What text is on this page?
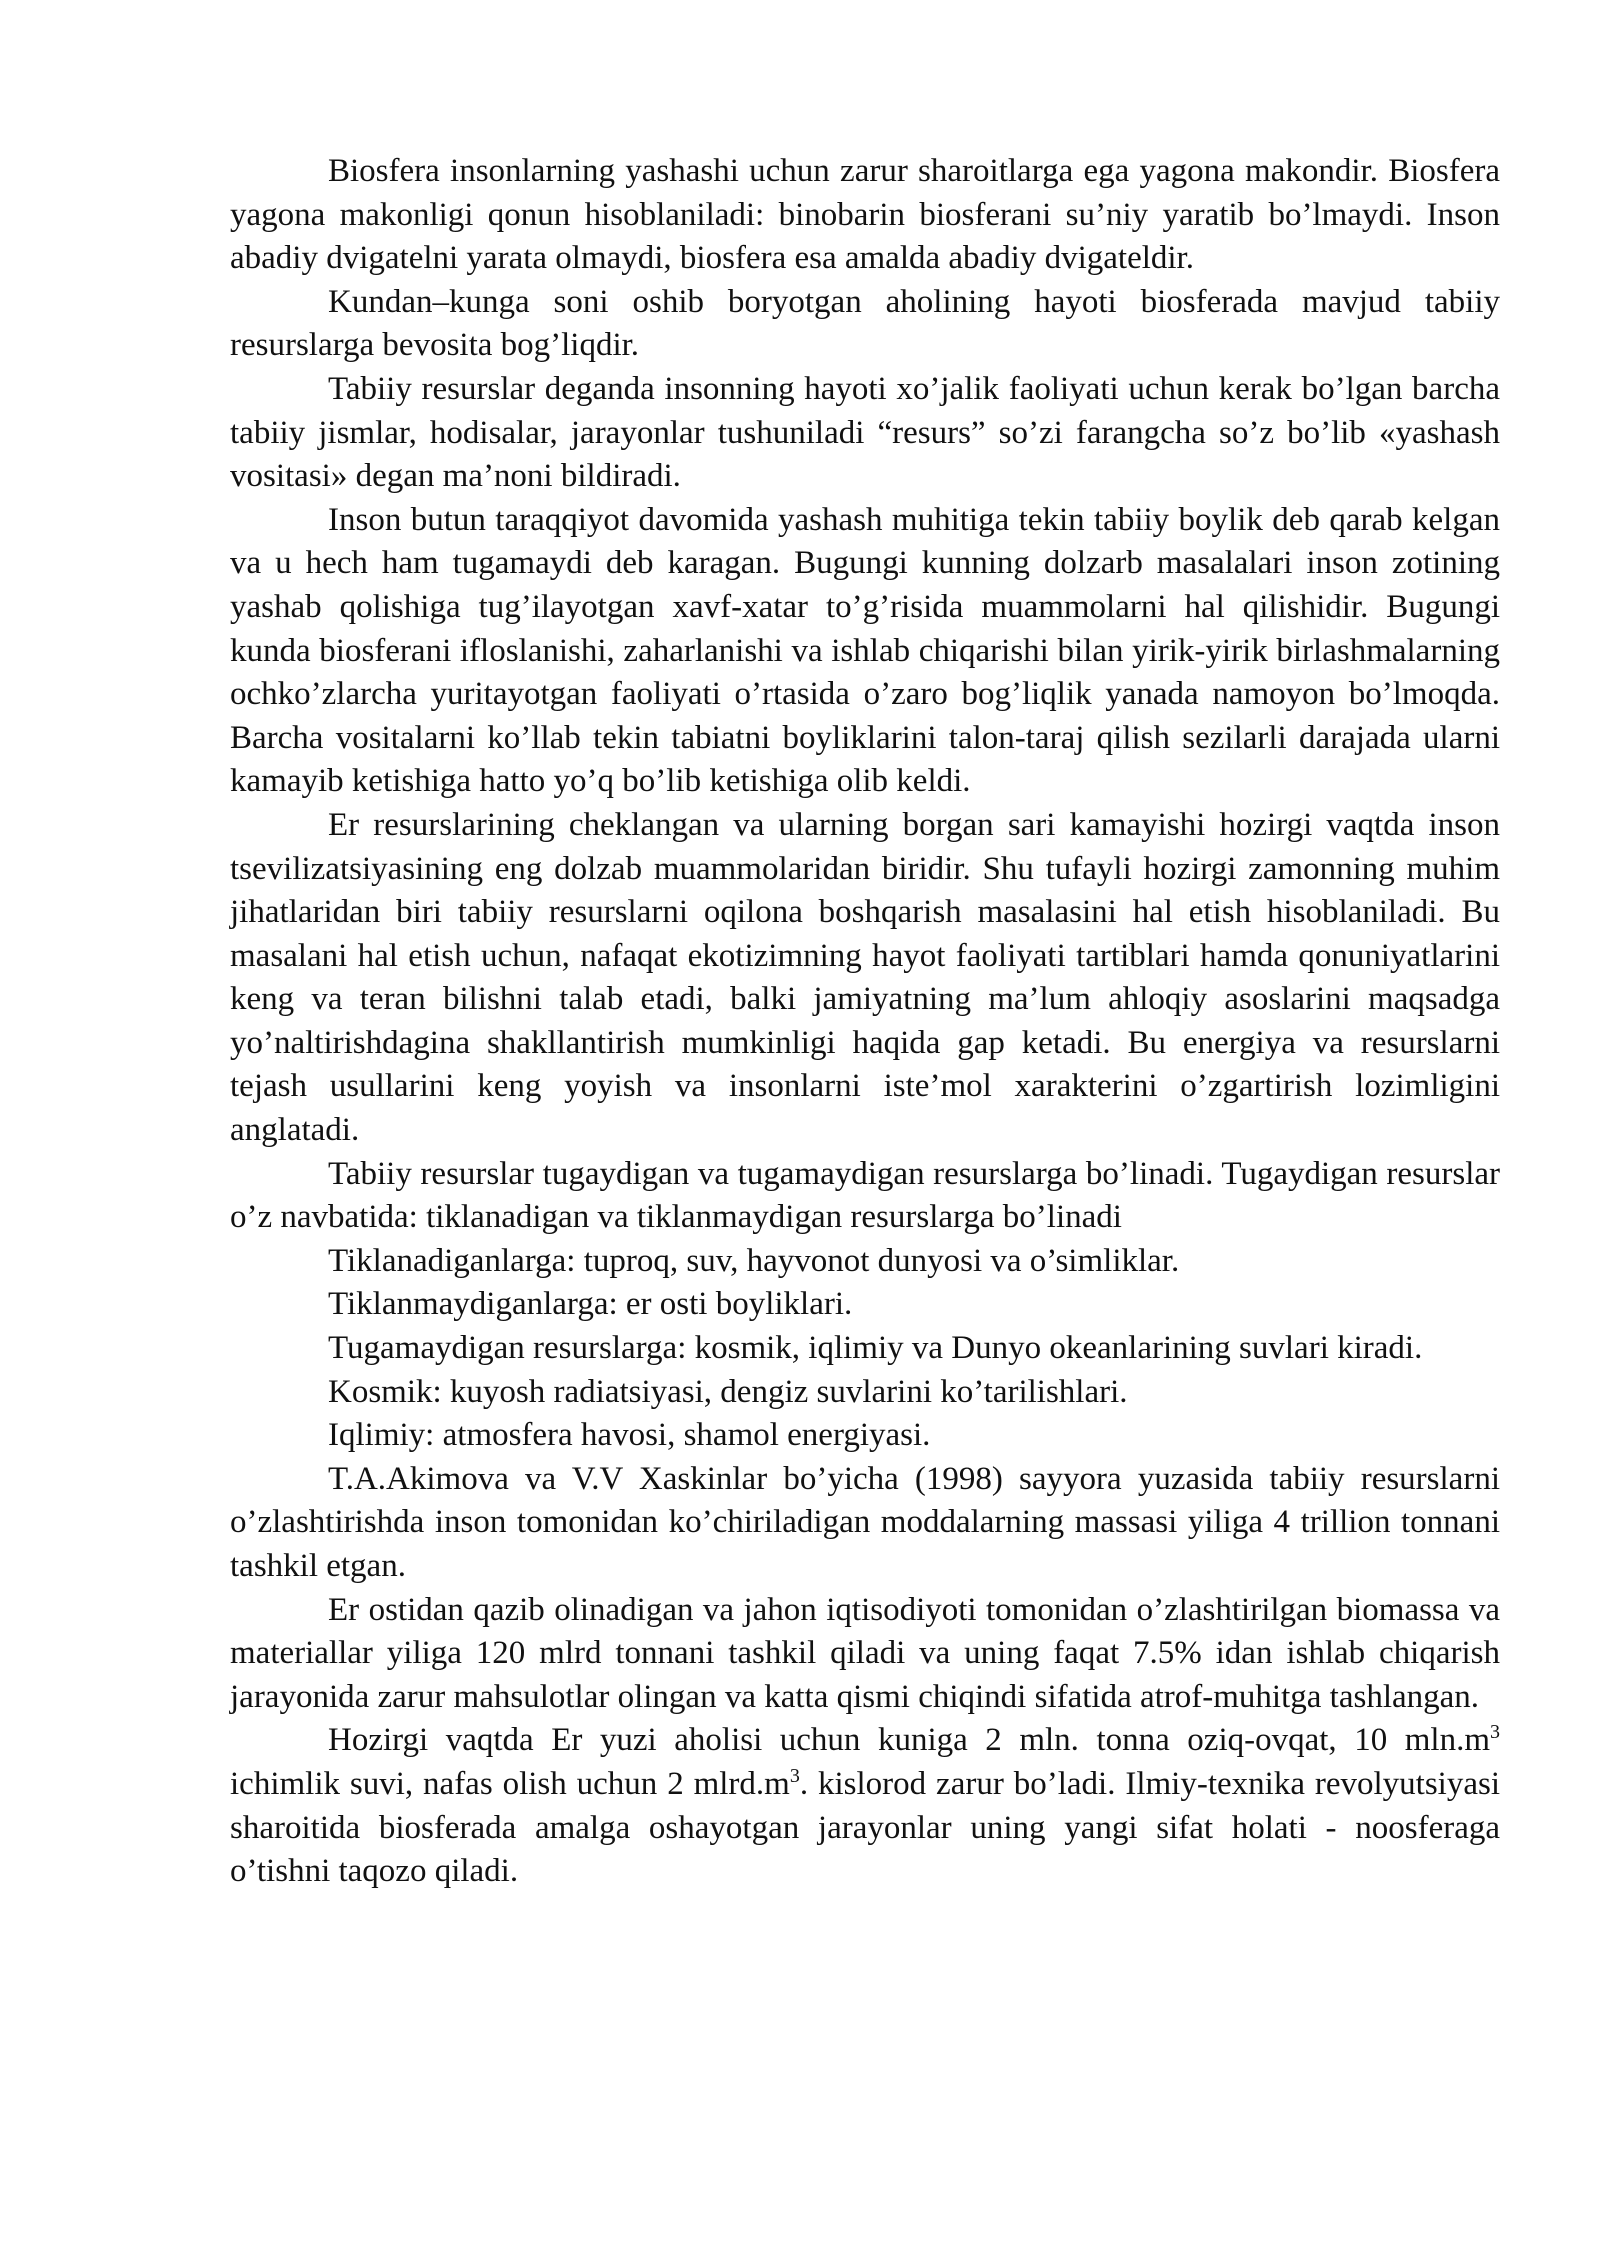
Biosfera insonlarning yashashi uchun zarur sharoitlarga ega yagona makondir. Biosfera yagona makonligi qonun hisoblaniladi: binobarin biosferani su’niy yaratib bo’lmaydi. Inson abadiy dvigatelni yarata olmaydi, biosfera esa amalda abadiy dvigateldir.

Kundan–kunga soni oshib boryotgan aholining hayoti biosferada mavjud tabiiy resurslarga bevosita bog’liqdir.

Tabiiy resurslar deganda insonning hayoti xo’jalik faoliyati uchun kerak bo’lgan barcha tabiiy jismlar, hodisalar, jarayonlar tushuniladi “resurs” so’zi farangcha so’z bo’lib «yashash vositasi» degan ma’noni bildiradi.

Inson butun taraqqiyot davomida yashash muhitiga tekin tabiiy boylik deb qarab kelgan va u hech ham tugamaydi deb karagan. Bugungi kunning dolzarb masalalari inson zotining yashab qolishiga tug’ilayotgan xavf-xatar to’g’risida muammolarni hal qilishidir. Bugungi kunda biosferani ifloslanishi, zaharlanishi va ishlab chiqarishi bilan yirik-yirik birlashmalarning ochko’zlarcha yuritayotgan faoliyati o’rtasida o’zaro bog’liqlik yanada namoyon bo’lmoqda. Barcha vositalarni ko’llab tekin tabiatni boyliklarini talon-taraj qilish sezilarli darajada ularni kamayib ketishiga hatto yo’q bo’lib ketishiga olib keldi.

Er resurslarining cheklangan va ularning borgan sari kamayishi hozirgi vaqtda inson tsevilizatsiyasining eng dolzab muammolaridan biridir. Shu tufayli hozirgi zamonning muhim jihatlaridan biri tabiiy resurslarni oqilona boshqarish masalasini hal etish hisoblaniladi. Bu masalani hal etish uchun, nafaqat ekotizimning hayot faoliyati tartiblari hamda qonuniyatlarini keng va teran bilishni talab etadi, balki jamiyatning ma’lum ahloqiy asoslarini maqsadga yo’naltirishdagina shakllantirish mumkinligi haqida gap ketadi. Bu energiya va resurslarni tejash usullarini keng yoyish va insonlarni iste’mol xarakterini o’zgartirish lozimligini anglatadi.

Tabiiy resurslar tugaydigan va tugamaydigan resurslarga bo’linadi. Tugaydigan resurslar o’z navbatida: tiklanadigan va tiklanmaydigan resurslarga bo’linadi

Tiklanadiganlarga: tuproq, suv, hayvonot dunyosi va o’simliklar.

Tiklanmaydiganlarga: er osti boyliklari.

Tugamaydigan resurslarga: kosmik, iqlimiy va Dunyo okeanlarining suvlari kiradi.

Kosmik: kuyosh radiatsiyasi, dengiz suvlarini ko’tarilishlari.

Iqlimiy: atmosfera havosi, shamol energiyasi.

T.A.Akimova va V.V Xaskinlar bo’yicha (1998) sayyora yuzasida tabiiy resurslarni o’zlashtirishda inson tomonidan ko’chiriladigan moddalarning massasi yiliga 4 trillion tonnani tashkil etgan.

Er ostidan qazib olinadigan va jahon iqtisodiyoti tomonidan o’zlashtirilgan biomassa va materiallar yiliga 120 mlrd tonnani tashkil qiladi va uning faqat 7.5% idan ishlab chiqarish jarayonida zarur mahsulotlar olingan va katta qismi chiqindi sifatida atrof-muhitga tashlangan.

Hozirgi vaqtda Er yuzi aholisi uchun kuniga 2 mln. tonna oziq-ovqat, 10 $mln.m^3$ ichimlik suvi, nafas olish uchun 2 $mlrd.m^3$. kislorod zarur bo’ladi. Ilmiy-texnika revolyutsiyasi sharoitida biosferada amalga oshayotgan jarayonlar uning yangi sifat holati - noosferaga o’tishni taqozo qiladi.
